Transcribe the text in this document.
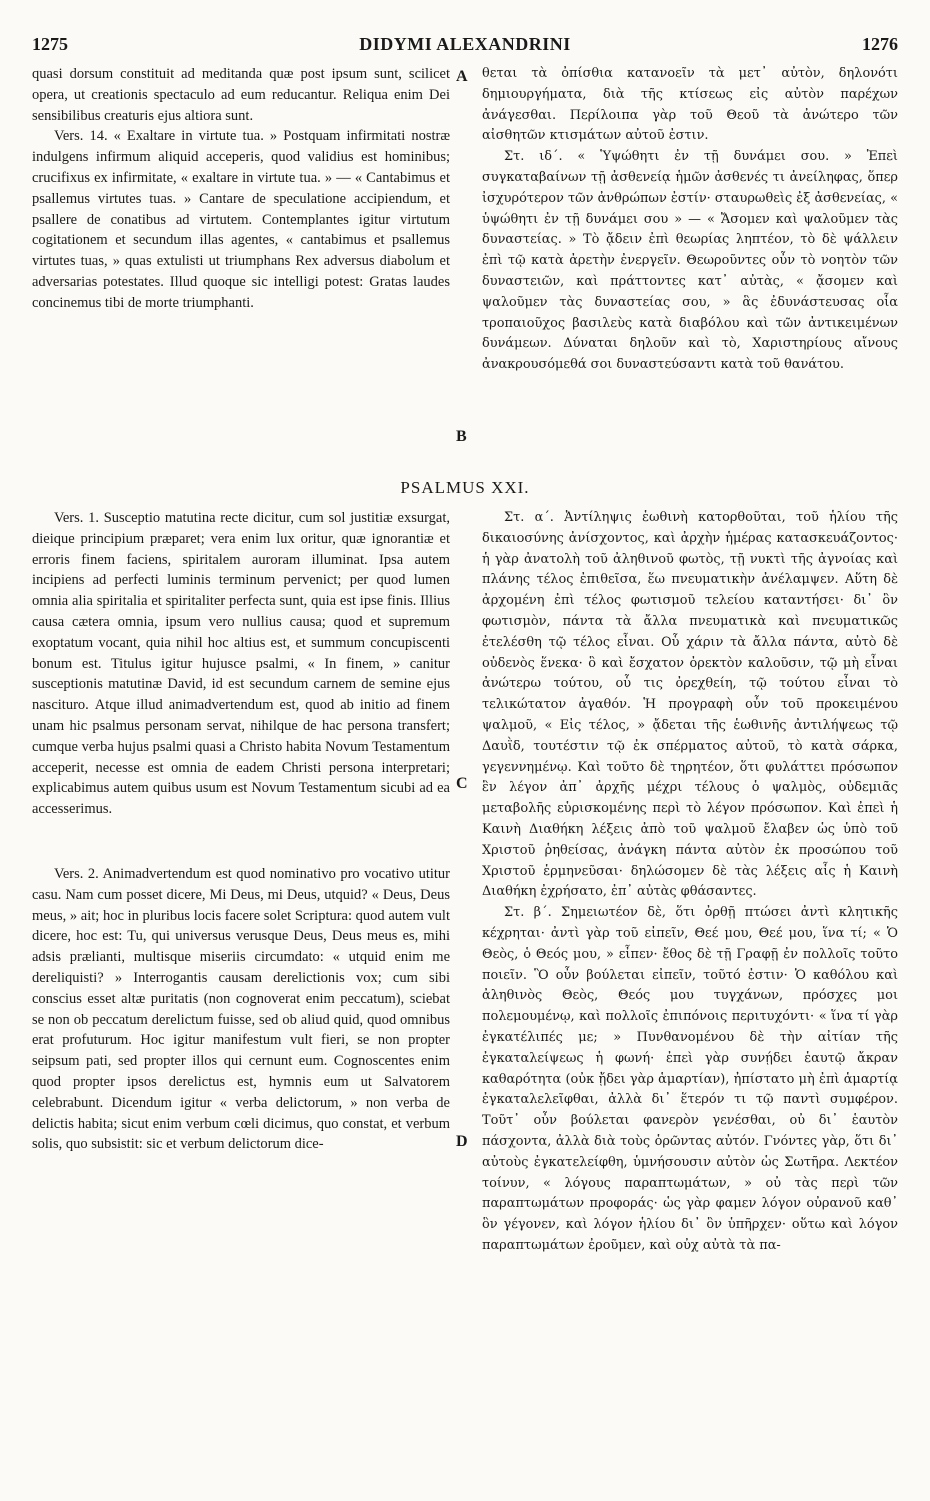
1275	DIDYMI ALEXANDRINI	1276
A
B
C
D

quasi dorsum constituit ad meditanda quæ post ipsum sunt, scilicet opera, ut creationis spectaculo ad eum reducantur. Reliqua enim Dei sensibilibus creaturis ejus altiora sunt.

Vers. 14. « Exaltare in virtute tua. » Postquam infirmitati nostræ indulgens infirmum aliquid acceperis, quod validius est hominibus; crucifixus ex infirmitate, « exaltare in virtute tua. » — « Cantabimus et psallemus virtutes tuas. » Cantare de speculatione accipiendum, et psallere de conatibus ad virtutem. Contemplantes igitur virtutum cogitationem et secundum illas agentes, « cantabimus et psallemus virtutes tuas, » quas extulisti ut triumphans Rex adversus diabolum et adversarias potestates. Illud quoque sic intelligi potest: Gratas laudes concinemus tibi de morte triumphanti.

θεται τὰ ὀπίσθια κατανοεῖν τὰ μετ᾽ αὐτὸν, δηλονότι δημιουργήματα, διὰ τῆς κτίσεως εἰς αὐτὸν παρέχων ἀνάγεσθαι. Περίλοιπα γὰρ τοῦ Θεοῦ τὰ ἀνώτερο τῶν αἰσθητῶν κτισμάτων αὐτοῦ ἐστιν.

Στ. ιδ΄. « Ὑψώθητι ἐν τῇ δυνάμει σου. » Ἐπεὶ συγκαταβαίνων τῇ ἀσθενείᾳ ἡμῶν ἀσθενές τι ἀνείληφας, ὅπερ ἰσχυρότερον τῶν ἀνθρώπων ἐστίν· σταυρωθεὶς ἐξ ἀσθενείας, « ὑψώθητι ἐν τῇ δυνάμει σου » — « Ἄσομεν καὶ ψαλοῦμεν τὰς δυναστείας. » Τὸ ᾄδειν ἐπὶ θεωρίας ληπτέον, τὸ δὲ ψάλλειν ἐπὶ τῷ κατὰ ἀρετὴν ἐνεργεῖν. Θεωροῦντες οὖν τὸ νοητὸν τῶν δυναστειῶν, καὶ πράττοντες κατ᾽ αὐτὰς, « ᾄσομεν καὶ ψαλοῦμεν τὰς δυναστείας σου, » ἃς ἐδυνάστευσας οἷα τροπαιοῦχος βασιλεὺς κατὰ διαβόλου καὶ τῶν ἀντικειμένων δυνάμεων. Δύναται δηλοῦν καὶ τὸ, Χαριστηρίους αἴνους ἀνακρουσόμεθά σοι δυναστεύσαντι κατὰ τοῦ θανάτου.

PSALMUS XXI.

Vers. 1. Susceptio matutina recte dicitur, cum sol justitiæ exsurgat, dieique principium præparet; vera enim lux oritur, quæ ignorantiæ et erroris finem faciens, spiritalem auroram illuminat. Ipsa autem incipiens ad perfecti luminis terminum pervenict; per quod lumen omnia alia spiritalia et spiritaliter perfecta sunt, quia est ipse finis. Illius causa cætera omnia, ipsum vero nullius causa; quod et supremum exoptatum vocant, quia nihil hoc altius est, et summum concupiscenti bonum est. Titulus igitur hujusce psalmi, « In finem, » canitur susceptionis matutinæ David, id est secundum carnem de semine ejus nasciturо. Atque illud animadvertendum est, quod ab initio ad finem unam hic psalmus personam servat, nihilque de hac persona transfert; cumque verba hujus psalmi quasi a Christo habita Novum Testamentum acceperit, necesse est omnia de eadem Christi persona interpretari; explicabimus autem quibus usum est Novum Testamentum sicubi ad ea accesserimus.

Vers. 2. Animadvertendum est quod nominativo pro vocativo utitur casu. Nam cum posset dicere, Mi Deus, mi Deus, utquid? « Deus, Deus meus, » ait; hoc in pluribus locis facere solet Scriptura: quod autem vult dicere, hoc est: Tu, qui universus verusque Deus, Deus meus es, mihi adsis prælianti, multisque miseriis circumdato: « utquid enim me dereliquisti? » Interrogantis causam derelictionis vox; cum sibi conscius esset altæ puritatis (non cognoverat enim peccatum), sciebat se non ob peccatum derelictum fuisse, sed ob aliud quid, quod omnibus erat profuturum. Hoc igitur manifestum vult fieri, se non propter seipsum pati, sed propter illos qui cernunt eum. Cognoscentes enim quod propter ipsos derelictus est, hymnis eum ut Salvatorem celebrabunt. Dicendum igitur « verba delictorum, » non verba de delictis habita; sicut enim verbum cœli dicimus, quo constat, et verbum solis, quo subsistit: sic et verbum delictorum dice-

Στ. α΄. Ἀντίληψις ἑωθινὴ κατορθοῦται, τοῦ ἡλίου τῆς δικαιοσύνης ἀνίσχοντος, καὶ ἀρχὴν ἡμέρας κατασκευάζοντος· ἡ γὰρ ἀνατολὴ τοῦ ἀληθινοῦ φωτὸς, τῇ νυκτὶ τῆς ἀγνοίας καὶ πλάνης τέλος ἐπιθεῖσα, ἕω πνευματικὴν ἀνέλαμψεν. Αὕτη δὲ ἀρχομένη ἐπὶ τέλος φωτισμοῦ τελείου καταντήσει· δι᾽ ὃν φωτισμὸν, πάντα τὰ ἄλλα πνευματικὰ καὶ πνευματικῶς ἐτελέσθη τῷ τέλος εἶναι. Οὗ χάριν τὰ ἄλλα πάντα, αὐτὸ δὲ οὐδενὸς ἕνεκα· ὃ καὶ ἔσχατον ὀρεκτὸν καλοῦσιν, τῷ μὴ εἶναι ἀνώτερω τούτου, οὗ τις ὀρεχθείη, τῷ τούτου εἶναι τὸ τελικώτατον ἀγαθόν. Ἡ προγραφὴ οὖν τοῦ προκειμένου ψαλμοῦ, « Εἰς τέλος, » ᾄδεται τῆς ἑωθινῆς ἀντιλήψεως τῷ Δαυῒδ, τουτέστιν τῷ ἐκ σπέρματος αὐτοῦ, τὸ κατὰ σάρκα, γεγεννημένῳ. Καὶ τοῦτο δὲ τηρητέον, ὅτι φυλάττει πρόσωπον ἓν λέγον ἀπ᾽ ἀρχῆς μέχρι τέλους ὁ ψαλμὸς, οὐδεμιᾶς μεταβολῆς εὑρισκομένης περὶ τὸ λέγον πρόσωπον. Καὶ ἐπεὶ ἡ Καινὴ Διαθήκη λέξεις ἀπὸ τοῦ ψαλμοῦ ἔλαβεν ὡς ὑπὸ τοῦ Χριστοῦ ῥηθείσας, ἀνάγκη πάντα αὐτὸν ἐκ προσώπου τοῦ Χριστοῦ ἑρμηνεῦσαι· δηλώσομεν δὲ τὰς λέξεις αἷς ἡ Καινὴ Διαθήκη ἐχρήσατο, ἐπ᾽ αὐτὰς φθάσαντες.

Στ. β΄. Σημειωτέον δὲ, ὅτι ὀρθῇ πτώσει ἀντὶ κλητικῆς κέχρηται· ἀντὶ γὰρ τοῦ εἰπεῖν, Θεέ μου, Θεέ μου, ἵνα τί; « Ὁ Θεὸς, ὁ Θεός μου, » εἶπεν· ἔθος δὲ τῇ Γραφῇ ἐν πολλοῖς τοῦτο ποιεῖν. Ὃ οὖν βούλεται εἰπεῖν, τοῦτό ἐστιν· Ὁ καθόλου καὶ ἀληθινὸς Θεὸς, Θεός μου τυγχάνων, πρόσχες μοι πολεμουμένῳ, καὶ πολλοῖς ἐπιπόνοις περιτυχόντι· « ἵνα τί γὰρ ἐγκατέλιπές με; » Πυνθανομένου δὲ τὴν αἰτίαν τῆς ἐγκαταλείψεως ἡ φωνή· ἐπεὶ γὰρ συνῄδει ἑαυτῷ ἄκραν καθαρότητα (οὐκ ᾔδει γὰρ ἁμαρτίαν), ἠπίστατο μὴ ἐπὶ ἁμαρτίᾳ ἐγκαταλελεῖφθαι, ἀλλὰ δι᾽ ἕτερόν τι τῷ παντὶ συμφέρον. Τοῦτ᾽ οὖν βούλεται φανερὸν γενέσθαι, οὐ δι᾽ ἑαυτὸν πάσχοντα, ἀλλὰ διὰ τοὺς ὁρῶντας αὐτόν. Γνόντες γὰρ, ὅτι δι᾽ αὐτοὺς ἐγκατελείφθη, ὑμνήσουσιν αὐτὸν ὡς Σωτῆρα. Λεκτέον τοίνυν, « λόγους παραπτωμάτων, » οὐ τὰς περὶ τῶν παραπτωμάτων προφοράς· ὡς γὰρ φαμεν λόγον οὐρανοῦ καθ᾽ ὃν γέγονεν, καὶ λόγον ἡλίου δι᾽ ὃν ὑπῆρχεν· οὕτω καὶ λόγον παραπτωμάτων ἐροῦμεν, καὶ οὐχ αὐτὰ τὰ πα-
